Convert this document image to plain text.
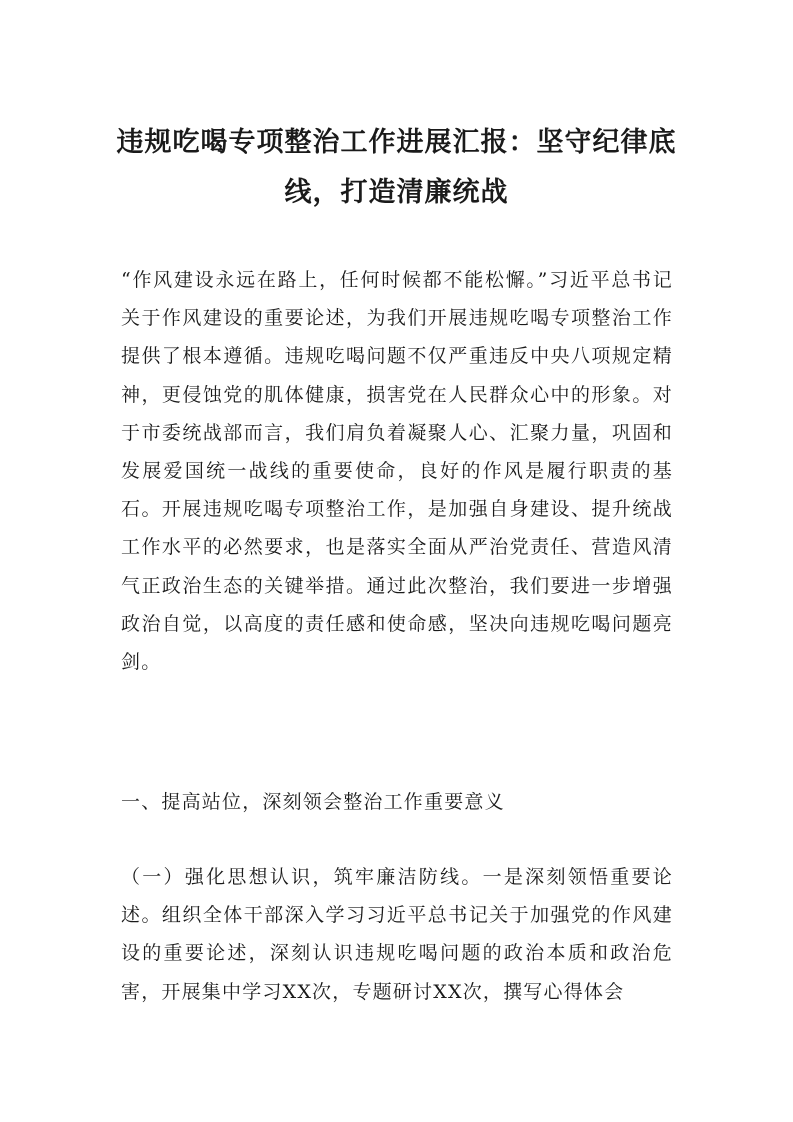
违规吃喝专项整治工作进展汇报：坚守纪律底线，打造清廉统战

“作风建设永远在路上，任何时候都不能松懈。”习近平总书记关于作风建设的重要论述，为我们开展违规吃喝专项整治工作提供了根本遵循。违规吃喝问题不仅严重违反中央八项规定精神，更侵蚀党的肌体健康，损害党在人民群众心中的形象。对于市委统战部而言，我们肩负着凝聚人心、汇聚力量，巩固和发展爱国统一战线的重要使命，良好的作风是履行职责的基石。开展违规吃喝专项整治工作，是加强自身建设、提升统战工作水平的必然要求，也是落实全面从严治党责任、营造风清气正政治生态的关键举措。通过此次整治，我们要进一步增强政治自觉，以高度的责任感和使命感，坚决向违规吃喝问题亮剑。

一、提高站位，深刻领会整治工作重要意义

（一）强化思想认识，筑牢廉洁防线。一是深刻领悟重要论述。组织全体干部深入学习习近平总书记关于加强党的作风建设的重要论述，深刻认识违规吃喝问题的政治本质和政治危害，开展集中学习XX次，专题研讨XX次，撰写心得体会
